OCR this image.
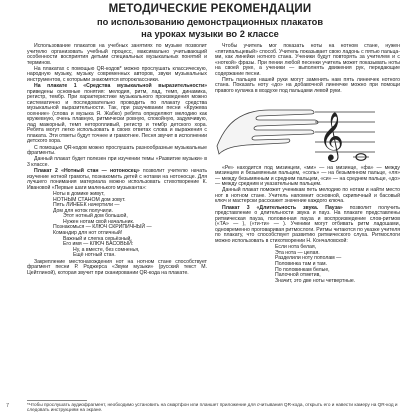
МЕТОДИЧЕСКИЕ РЕКОМЕНДАЦИИ
по использованию демонстрационных плакатов
на уроках музыки во 2 классе

Использование плакатов на учебных занятиях по музыке позволит учителю организовать учебный процесс, максимально учитывающий особенности восприятия детьми специальных музыкальных понятий и терминов.

На плакатах с помощью QR-кодов* можно прослушать классическую, народную музыку, музыку современных авторов, звуки музыкальных инструментов, с которыми знакомятся второклассники.

На плакате 1 «Средства музыкальной выразительности» приведены основные понятия: мелодия, ритм, лад, темп, динамика, регистр, тембр. При характеристике музыкального произведения можно систематично и последовательно проводить по плакату средства музыкальной выразительности. Так, при разучивании песни «Кружевa осенние» (слова и музыка Я. Жабко) ребята определяют мелодию как кружевную, очень плавную, ритмически ровную, спокойную, задумчивую, лад мажорный, темп неторопливый, регистр и тембр детского хора. Ребята могут легко использовать в своих ответах слова и выражения с плаката. Эти ответы будут точнее и грамотнее. Песня звучит в исполнении детского хора.

С помощью QR-кодов можно прослушать разнообразные музыкальные фрагменты.

Данный плакат будет полезен при изучении темы «Развитие музыки» в 3 классе.

Плакат 2 «Нотный стан — нотоносец» позволит учителю начать изучение нотной грамоты, познакомить детей с нотами на нотоносце. Для лучшего понимания материала можно использовать стихотворение К. Ивановой «Первые шаги маленького музыканта»:

Ноты в домике живут,
НОТНЫМ СТАНОМ дом зовут.
Пять ЛИНЕЕК начертили —
Дом для ноток получили.
Этот нотный дом большой,
Нужен нотам свой начальник.
Познакомься — КЛЮЧ СКРИПИЧНЫЙ —
Командир для нот отличный!
Важный и слегка серьёзный,
Его имя — КЛЮЧ БАСОВЫЙ:
Ну, а вместе, без сомненья,
Ещё нотный стан.

Закрепление местонахождения нот на нотном стане способствует фрагмент песни Р. Роджерса «Звуки музыки» (русский текст М. Цейтлиной), которая звучит при сканировании QR-кода на плакате.

Чтобы учитель мог показать ноты на нотном стане, нужен «пятипальцевый» способ. Учитель показывает свою ладонь с пятью пальцами, как линейки нотного стана. Ученики будут повторять за учителем и с «ноткой» фразы. При пении любой песенки учитель может показывать ноты на своей руке, а ученики — выполнять движения рук, передающие содержание песни.

Пять пальцев нашей руки могут заменить нам пять линеечек нотного стана. Показать ноту «до» на добавочной линеечке можно при помощи правого кулачка в воздухе под пальцами левой руки.

𝄞

«Ре» находится под мизинцем, «ми» — на мизинце, «фа» — между мизинцем и безымянным пальцем, «соль» — на безымянном пальце, «ля» — между безымянным и средним пальцем, «си» — на среднем пальце, «до» — между средним и указательным пальцем.

Данный плакат поможет ученикам петь мелодию по нотам и найти место нот в нотном стане. Учитель напомнит основной, скрипичный и басовый ключ и мастерски расскажет значение каждого ключа.

Плакат 3 «Длительность звука. Пауза» позволит получить представление о длительности звука и пауз. На плакате представлены ритмическая пауза, половинная пауза и воспроизведение слов-ритмов («ТА» — ), («ти-ти» — ). Ученики могут отбивать ритм ладошами, одновременно проговаривая ритмослоги. Ритмы читаются по указке учителя по плакату, что способствует развитию ритмического слуха. Ритмослоги можно использовать в стихотворении Н. Кончаловской:

Если нота белая,
Эта нота — целая.
Разделили ноту пополам —
Половинка там и там.
По половинкам белые,
Палочной отметив,
Значит, это две ноты четвертные.
7	*Чтобы прослушать аудиофрагмент, необходимо установить на смартфон или планшет приложение для считывания QR-кода, открыть его и навести камеру на QR-код и следовать инструкциям на экране.
